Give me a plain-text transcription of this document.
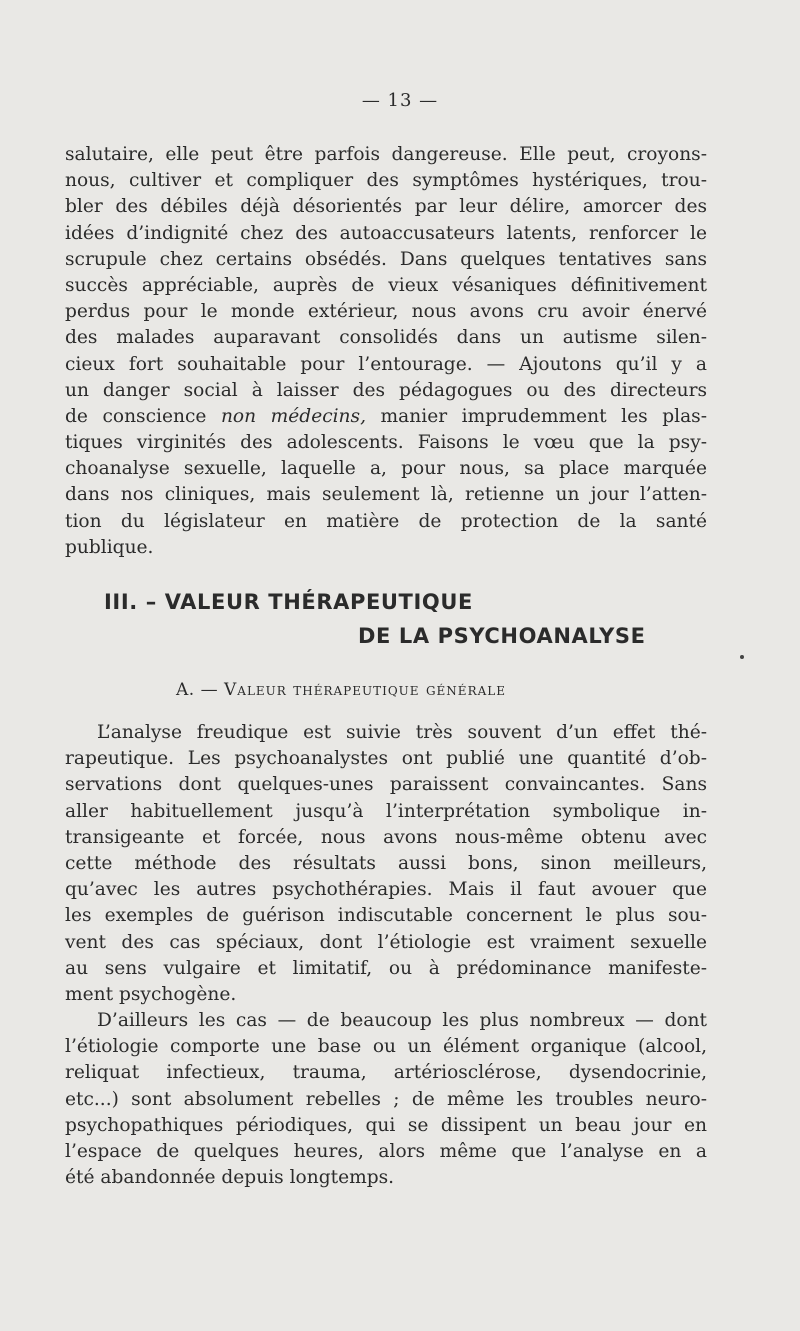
— 13 —
salutaire, elle peut être parfois dangereuse. Elle peut, croyons-
nous, cultiver et compliquer des symptômes hystériques, trou-
bler des débiles déjà désorientés par leur délire, amorcer des
idées d’indignité chez des autoaccusateurs latents, renforcer le
scrupule chez certains obsédés. Dans quelques tentatives sans
succès appréciable, auprès de vieux vésaniques définitivement
perdus pour le monde extérieur, nous avons cru avoir énervé
des malades auparavant consolidés dans un autisme silen-
cieux fort souhaitable pour l’entourage. — Ajoutons qu’il y a
un danger social à laisser des pédagogues ou des directeurs
de conscience non médecins, manier imprudemment les plas-
tiques virginités des adolescents. Faisons le vœu que la psy-
choanalyse sexuelle, laquelle a, pour nous, sa place marquée
dans nos cliniques, mais seulement là, retienne un jour l’atten-
tion du législateur en matière de protection de la santé
publique.
III. – VALEUR THÉRAPEUTIQUE
DE LA PSYCHOANALYSE
A. — Valeur thérapeutique générale
L’analyse freudique est suivie très souvent d’un effet thé-
rapeutique. Les psychoanalystes ont publié une quantité d’ob-
servations dont quelques-unes paraissent convaincantes. Sans
aller habituellement jusqu’à l’interprétation symbolique in-
transigeante et forcée, nous avons nous-même obtenu avec
cette méthode des résultats aussi bons, sinon meilleurs,
qu’avec les autres psychothérapies. Mais il faut avouer que
les exemples de guérison indiscutable concernent le plus sou-
vent des cas spéciaux, dont l’étiologie est vraiment sexuelle
au sens vulgaire et limitatif, ou à prédominance manifeste-
ment psychogène.
D’ailleurs les cas — de beaucoup les plus nombreux — dont
l’étiologie comporte une base ou un élément organique (alcool,
reliquat infectieux, trauma, artériosclérose, dysendocrinie,
etc...) sont absolument rebelles ; de même les troubles neuro-
psychopathiques périodiques, qui se dissipent un beau jour en
l’espace de quelques heures, alors même que l’analyse en a
été abandonnée depuis longtemps.
